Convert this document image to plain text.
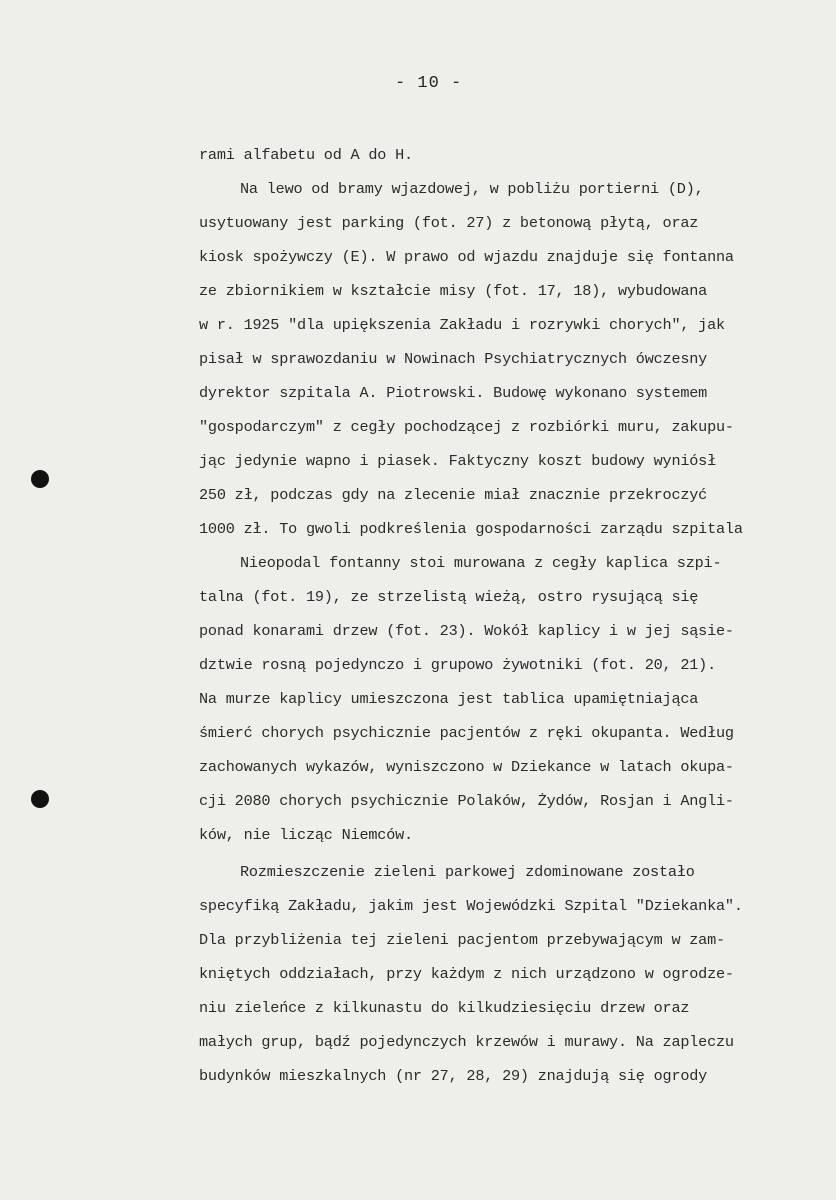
- 10 -
rami alfabetu od A do H.
Na lewo od bramy wjazdowej, w pobliżu portierni (D),
usytuowany jest parking (fot. 27) z betonową płytą, oraz
kiosk spożywczy (E). W prawo od wjazdu znajduje się fontanna
ze zbiornikiem w kształcie misy (fot. 17, 18), wybudowana
w r. 1925 "dla upiększenia Zakładu i rozrywki chorych", jak
pisał w sprawozdaniu w Nowinach Psychiatrycznych ówczesny
dyrektor szpitala A. Piotrowski. Budowę wykonano systemem
"gospodarczym" z cegły pochodzącej z rozbiórki muru, zakupu-
jąc jedynie wapno i piasek. Faktyczny koszt budowy wyniósł
250 zł, podczas gdy na zlecenie miał znacznie przekroczyć
1000 zł. To gwoli podkreślenia gospodarności zarządu szpitala
Nieopodal fontanny stoi murowana z cegły kaplica szpi-
talna (fot. 19), ze strzelistą wieżą, ostro rysującą się
ponad konarami drzew (fot. 23). Wokół kaplicy i w jej sąsie-
dztwie rosną pojedynczo i grupowo żywotniki (fot. 20, 21).
Na murze kaplicy umieszczona jest tablica upamiętniająca
śmierć chorych psychicznie pacjentów z ręki okupanta. Według
zachowanych wykazów, wyniszczono w Dziekance w latach okupa-
cji 2080 chorych psychicznie Polaków, Żydów, Rosjan i Angli-
ków, nie licząc Niemców.
Rozmieszczenie zieleni parkowej zdominowane zostało
specyfiką Zakładu, jakim jest Wojewódzki Szpital "Dziekanka".
Dla przybliżenia tej zieleni pacjentom przebywającym w zam-
kniętych oddziałach, przy każdym z nich urządzono w ogrodze-
niu zieleńce z kilkunastu do kilkudziesięciu drzew oraz
małych grup, bądź pojedynczych krzewów i murawy. Na zapleczu
budynków mieszkalnych (nr 27, 28, 29) znajdują się ogrody
